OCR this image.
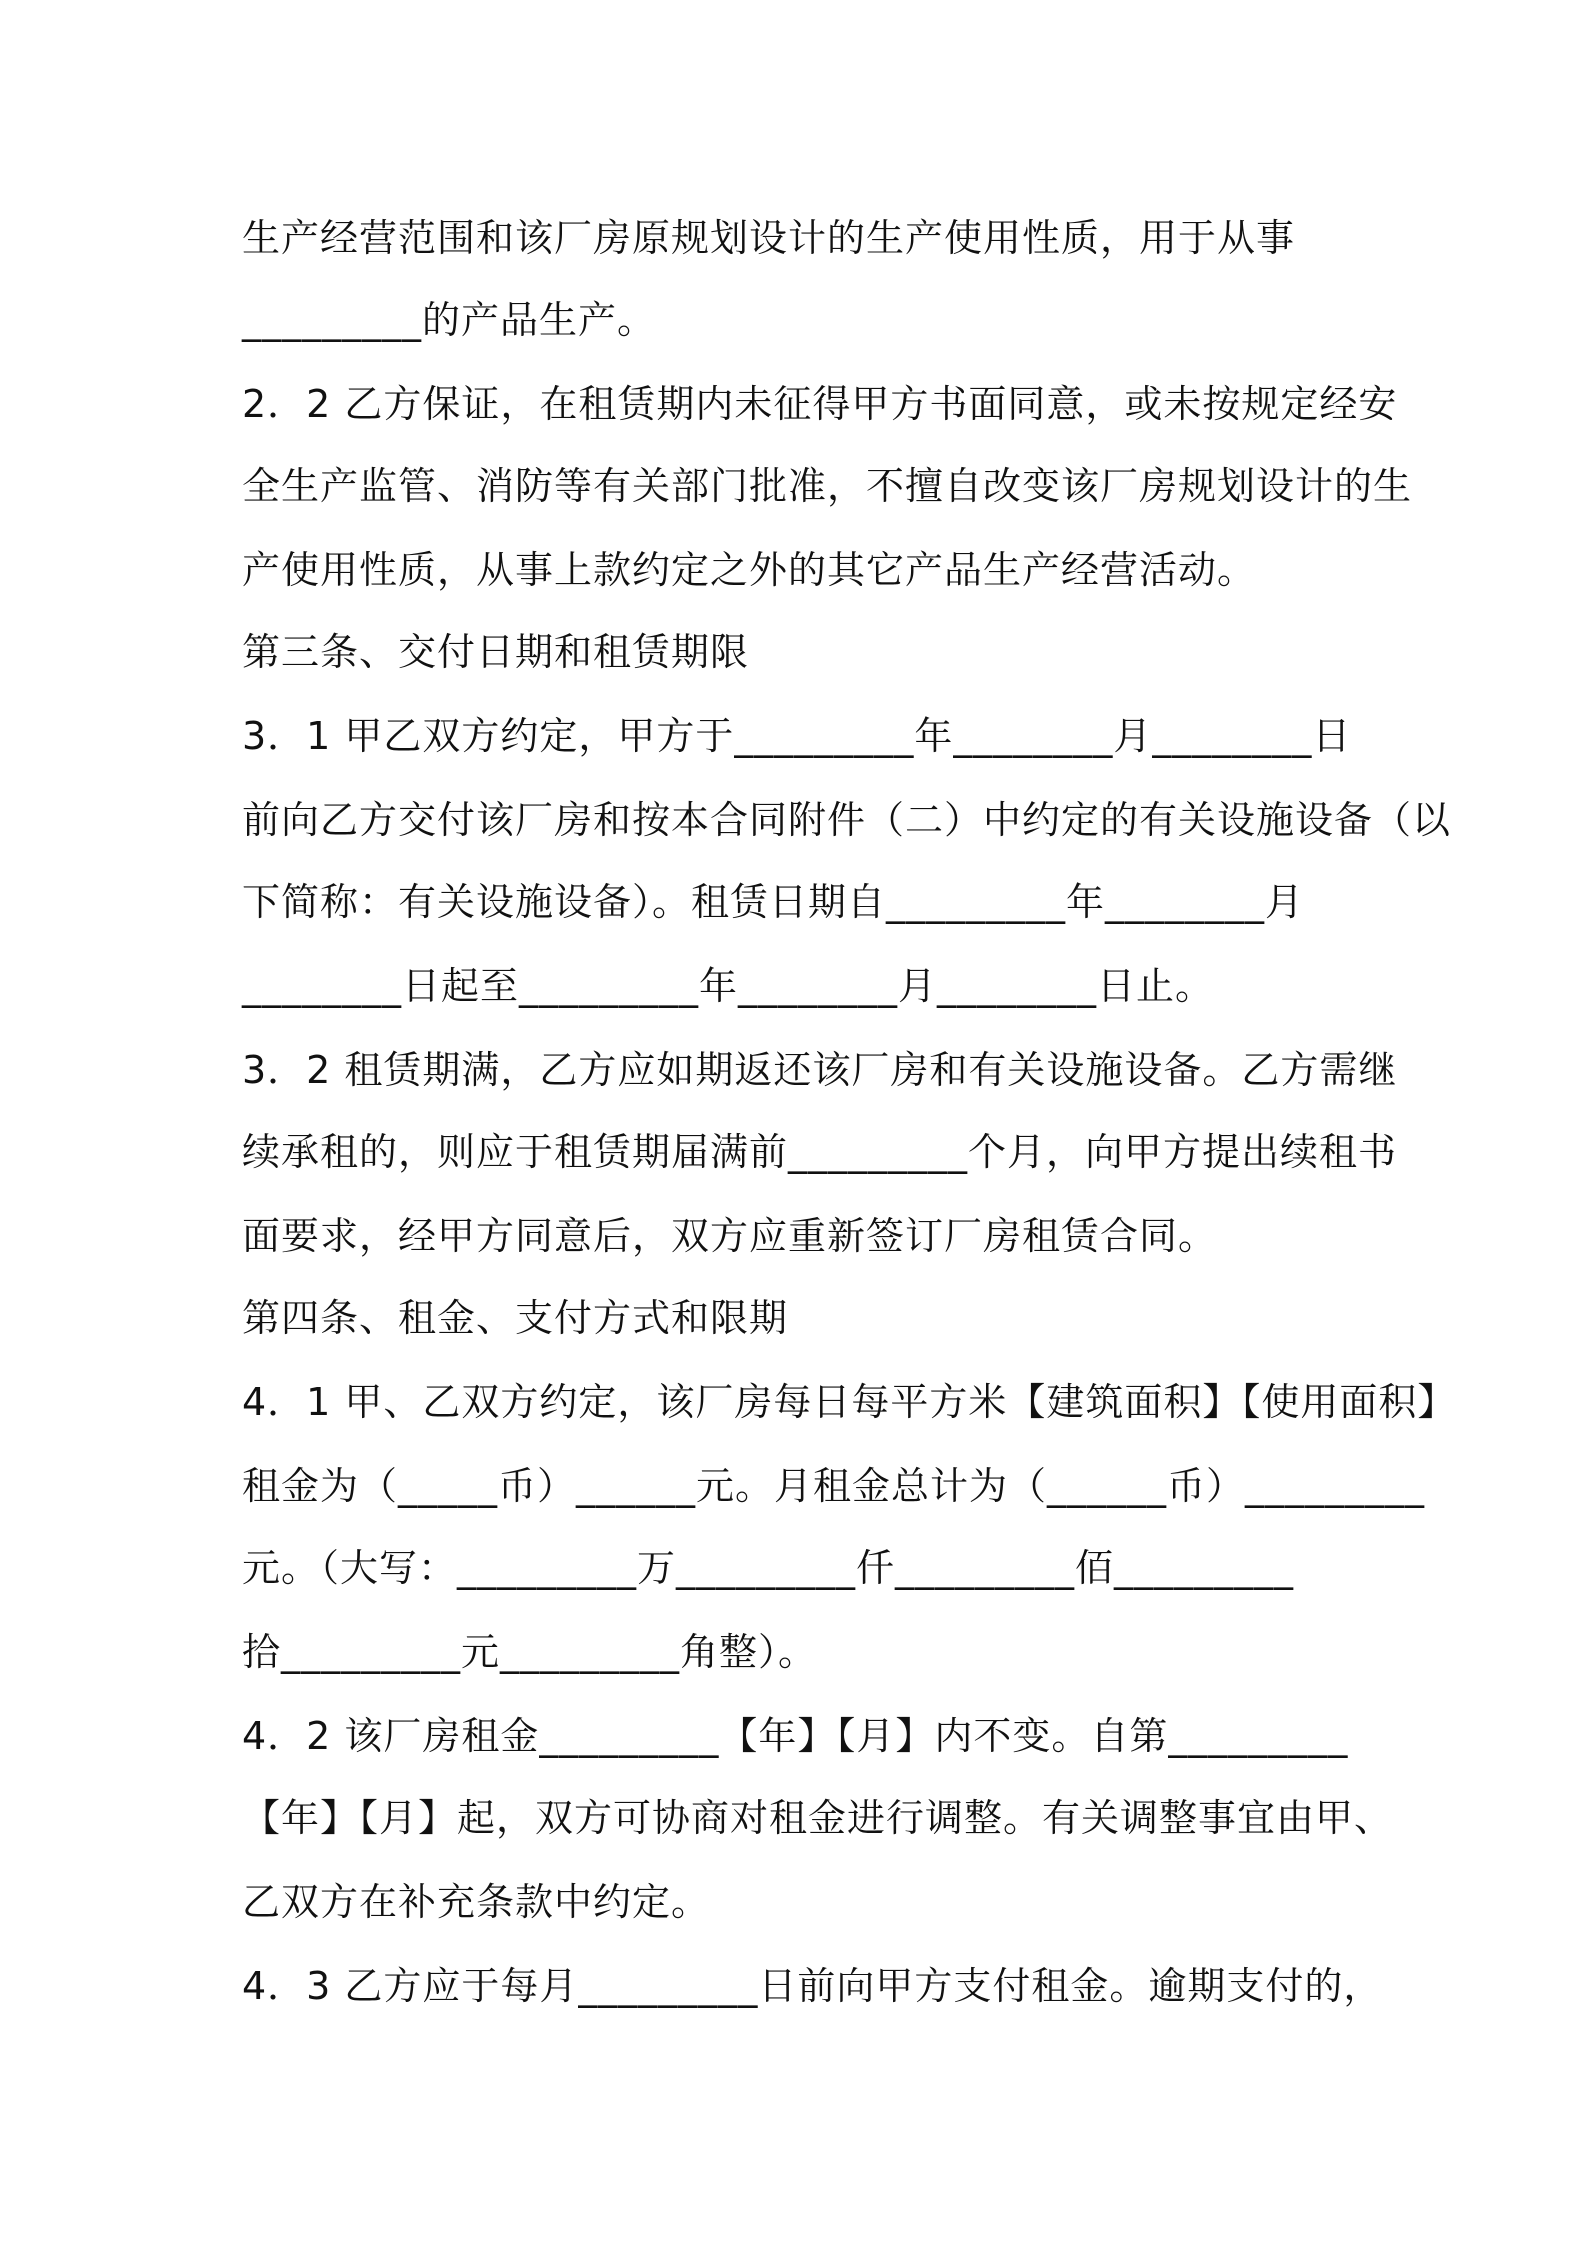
生产经营范围和该厂房原规划设计的生产使用性质，用于从事
_________的产品生产。
2．2 乙方保证，在租赁期内未征得甲方书面同意，或未按规定经安
全生产监管、消防等有关部门批准，不擅自改变该厂房规划设计的生
产使用性质，从事上款约定之外的其它产品生产经营活动。
第三条、交付日期和租赁期限
3．1 甲乙双方约定，甲方于_________年________月________日
前向乙方交付该厂房和按本合同附件（二）中约定的有关设施设备（以
下简称：有关设施设备）。租赁日期自_________年________月
________日起至_________年________月________日止。
3．2 租赁期满，乙方应如期返还该厂房和有关设施设备。乙方需继
续承租的，则应于租赁期届满前_________个月，向甲方提出续租书
面要求，经甲方同意后，双方应重新签订厂房租赁合同。
第四条、租金、支付方式和限期
4．1 甲、乙双方约定，该厂房每日每平方米【建筑面积】【使用面积】
租金为（_____币）______元。月租金总计为（______币）_________
元。（大写：_________万_________仟_________佰_________
拾_________元_________角整）。
4．2 该厂房租金_________【年】【月】内不变。自第_________
【年】【月】起，双方可协商对租金进行调整。有关调整事宜由甲、
乙双方在补充条款中约定。
4．3 乙方应于每月_________日前向甲方支付租金。逾期支付的，
